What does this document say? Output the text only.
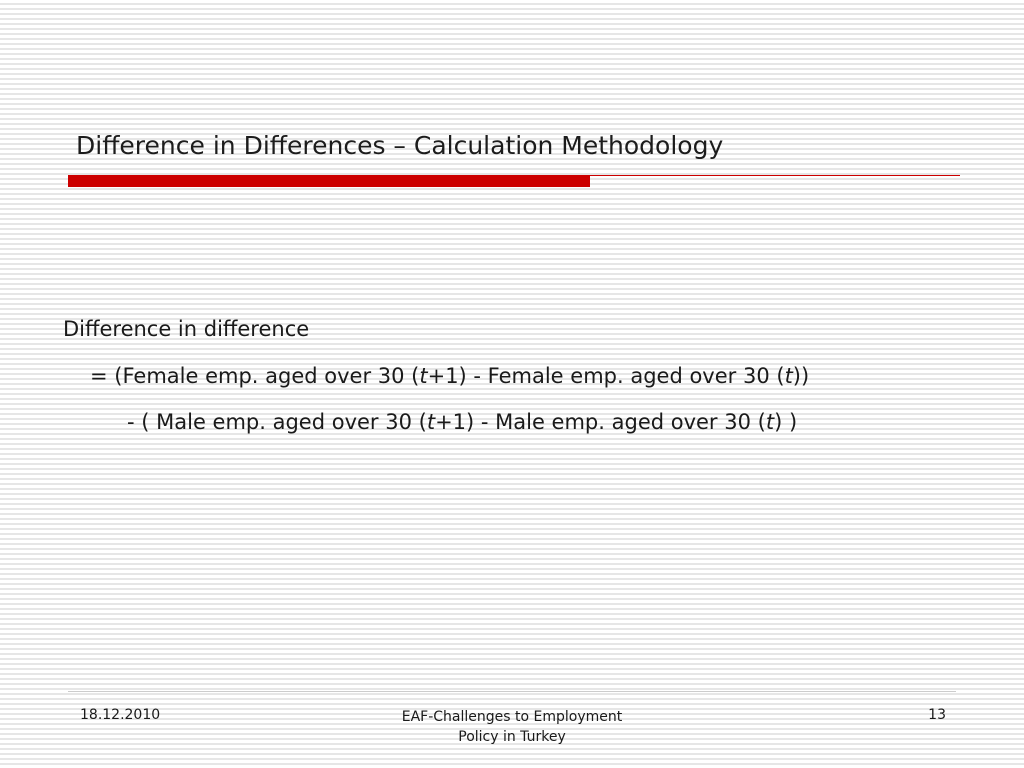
Difference in Differences – Calculation Methodology
Difference in difference
= (Female emp. aged over 30 (t+1) - Female emp. aged over 30 (t))
- ( Male emp. aged over 30 (t+1) - Male emp. aged over 30 (t) )
18.12.2010	EAF-Challenges to Employment
Policy in Turkey
13
